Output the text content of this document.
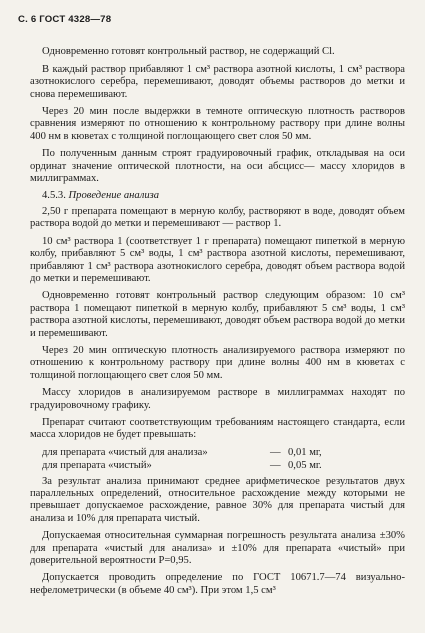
С. 6 ГОСТ 4328—78

Одновременно готовят контрольный раствор, не содержащий Cl.

В каждый раствор прибавляют 1 см³ раствора азотной кислоты, 1 см³ раствора азотнокислого серебра, перемешивают, доводят объемы растворов до метки и снова перемешивают.

Через 20 мин после выдержки в темноте оптическую плотность растворов сравнения измеряют по отношению к контрольному раствору при длине волны 400 нм в кюветах с толщиной поглощающего свет слоя 50 мм.

По полученным данным строят градуировочный график, откладывая на оси ординат значение оптической плотности, на оси абсцисс— массу хлоридов в миллиграммах.

4.5.3. Проведение анализа

2,50 г препарата помещают в мерную колбу, растворяют в воде, доводят объем раствора водой до метки и перемешивают — раствор 1.

10 см³ раствора 1 (соответствует 1 г препарата) помещают пипеткой в мерную колбу, прибавляют 5 см³ воды, 1 см³ раствора азотной кислоты, перемешивают, прибавляют 1 см³ раствора азотнокислого серебра, доводят объем раствора водой до метки и перемешивают.

Одновременно готовят контрольный раствор следующим образом: 10 см³ раствора 1 помещают пипеткой в мерную колбу, прибавляют 5 см³ воды, 1 см³ раствора азотной кислоты, перемешивают, доводят объем раствора водой до метки и перемешивают.

Через 20 мин оптическую плотность анализируемого раствора измеряют по отношению к контрольному раствору при длине волны 400 нм в кюветах с толщиной поглощающего свет слоя 50 мм.

Массу хлоридов в анализируемом растворе в миллиграммах находят по градуировочному графику.

Препарат считают соответствующим требованиям настоящего стандарта, если масса хлоридов не будет превышать:

для препарата «чистый для анализа»	— 0,01 мг,
для препарата «чистый»	— 0,05 мг.

За результат анализа принимают среднее арифметическое результатов двух параллельных определений, относительное расхождение между которыми не превышает допускаемое расхождение, равное 30% для препарата чистый для анализа и 10% для препарата чистый.

Допускаемая относительная суммарная погрешность результата анализа ±30% для препарата «чистый для анализа» и ±10% для препарата «чистый» при доверительной вероятности P=0,95.

Допускается проводить определение по ГОСТ 10671.7—74 визуально-нефелометрически (в объеме 40 см³). При этом 1,5 см³
